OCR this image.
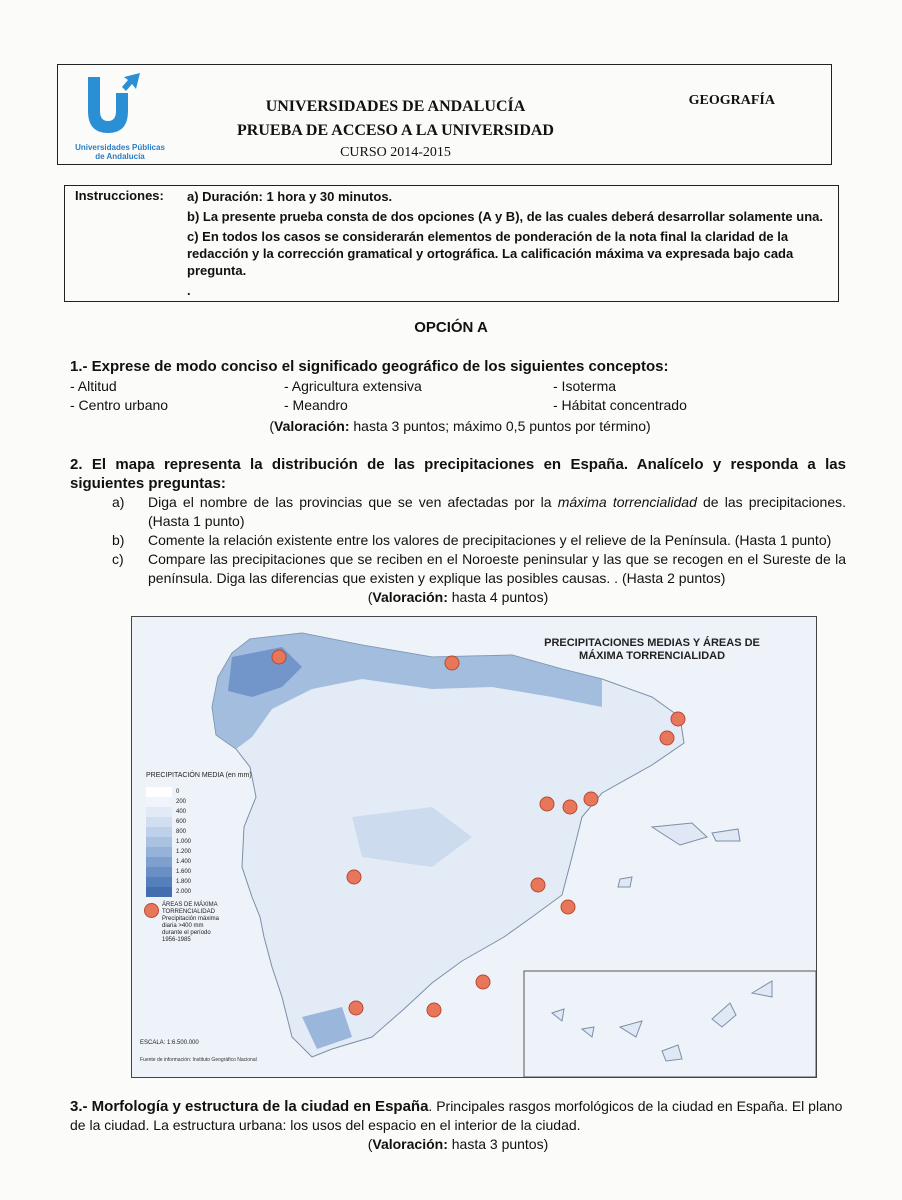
Universidades Públicas
de Andalucía
UNIVERSIDADES DE ANDALUCÍA
PRUEBA DE ACCESO A LA UNIVERSIDAD
CURSO 2014-2015
GEOGRAFÍA
Instrucciones: a) Duración: 1 hora y 30 minutos.
b) La presente prueba consta de dos opciones (A y B), de las cuales deberá desarrollar solamente una.
c) En todos los casos se considerarán elementos de ponderación de la nota final la claridad de la redacción y la corrección gramatical y ortográfica. La calificación máxima va expresada bajo cada pregunta.
.
OPCIÓN A
1.- Exprese de modo conciso el significado geográfico de los siguientes conceptos:
- Altitud	- Agricultura extensiva	- Isoterma
- Centro urbano	- Meandro	- Hábitat concentrado
(Valoración: hasta 3 puntos; máximo 0,5 puntos por término)
2. El mapa representa la distribución de las precipitaciones en España. Analícelo y responda a las siguientes preguntas:
a) Diga el nombre de las provincias que se ven afectadas por la máxima torrencialidad de las precipitaciones. (Hasta 1 punto)
b) Comente la relación existente entre los valores de precipitaciones y el relieve de la Península. (Hasta 1 punto)
c) Compare las precipitaciones que se reciben en el Noroeste peninsular y las que se recogen en el Sureste de la península. Diga las diferencias que existen y explique las posibles causas. . (Hasta 2 puntos)
(Valoración: hasta 4 puntos)
PRECIPITACIONES MEDIAS Y ÁREAS DE
MÁXIMA TORRENCIALIDAD
PRECIPITACIÓN MEDIA (en mm)
0
200
400
600
800
1.000
1.200
1.400
1.600
1.800
2.000
ÁREAS DE MÁXIMA
TORRENCIALIDAD
Precipitación máxima
diaria >400 mm
durante el período
1956-1985
ESCALA: 1:6.500.000
Fuente de información: Instituto Geográfico Nacional
3.- Morfología y estructura de la ciudad en España. Principales rasgos morfológicos de la ciudad en España. El plano de la ciudad. La estructura urbana: los usos del espacio en el interior de la ciudad.
(Valoración: hasta 3 puntos)
